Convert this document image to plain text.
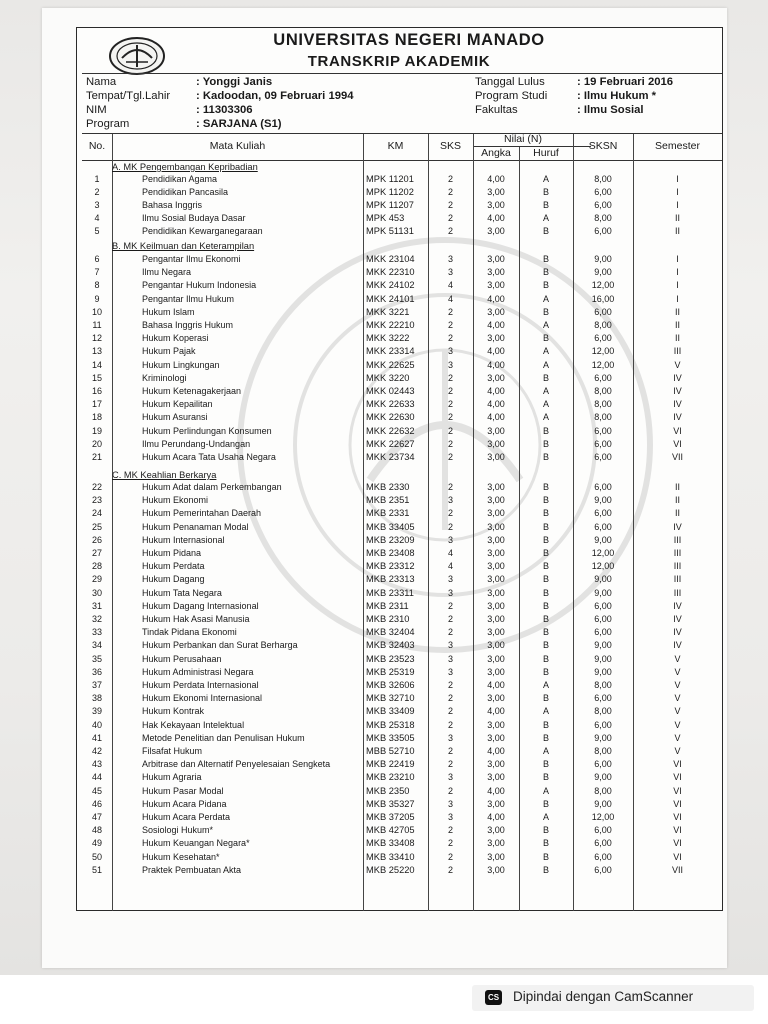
UNIVERSITAS NEGERI MANADO
TRANSKRIP AKADEMIK
Nama	: Yonggi Janis
Tempat/Tgl.Lahir : Kadoodan, 09 Februari 1994
NIM	: 11303306
Program	: SARJANA (S1)
Tanggal Lulus	: 19 Februari 2016
Program Studi	: Ilmu Hukum *
Fakultas	: Ilmu Sosial
No.	Mata Kuliah	KM	SKS
Nilai (N)
Angka	Huruf
SKSN	Semester
A. MK Pengembangan Kepribadian
B. MK Keilmuan dan Keterampilan
C. MK Keahlian Berkarya
1	Pendidikan Agama	MPK 11201	2	4,00	A	8,00	I
2	Pendidikan Pancasila	MPK 11202	2	3,00	B	6,00	I
3	Bahasa Inggris	MPK 11207	2	3,00	B	6,00	I
4	Ilmu Sosial Budaya Dasar	MPK 453	2	4,00	A	8,00	II
5	Pendidikan Kewarganegaraan	MPK 51131	2	3,00	B	6,00	II
6	Pengantar Ilmu Ekonomi	MKK 23104	3	3,00	B	9,00	I
7	Ilmu Negara	MKK 22310	3	3,00	B	9,00	I
8	Pengantar Hukum Indonesia	MKK 24102	4	3,00	B	12,00	I
9	Pengantar Ilmu Hukum	MKK 24101	4	4,00	A	16,00	I
10	Hukum Islam	MKK 3221	2	3,00	B	6,00	II
11	Bahasa Inggris Hukum	MKK 22210	2	4,00	A	8,00	II
12	Hukum Koperasi	MKK 3222	2	3,00	B	6,00	II
13	Hukum Pajak	MKK 23314	3	4,00	A	12,00	III
14	Hukum Lingkungan	MKK 22625	3	4,00	A	12,00	V
15	Kriminologi	MKK 3220	2	3,00	B	6,00	IV
16	Hukum Ketenagakerjaan	MKK 02443	2	4,00	A	8,00	IV
17	Hukum Kepailitan	MKK 22633	2	4,00	A	8,00	IV
18	Hukum Asuransi	MKK 22630	2	4,00	A	8,00	IV
19	Hukum Perlindungan Konsumen	MKK 22632	2	3,00	B	6,00	VI
20	Ilmu Perundang-Undangan	MKK 22627	2	3,00	B	6,00	VI
21	Hukum Acara Tata Usaha Negara	MKK 23734	2	3,00	B	6,00	VII
22	Hukum Adat dalam Perkembangan	MKB 2330	2	3,00	B	6,00	II
23	Hukum Ekonomi	MKB 2351	3	3,00	B	9,00	II
24	Hukum Pemerintahan Daerah	MKB 2331	2	3,00	B	6,00	II
25	Hukum Penanaman Modal	MKB 33405	2	3,00	B	6,00	IV
26	Hukum Internasional	MKB 23209	3	3,00	B	9,00	III
27	Hukum Pidana	MKB 23408	4	3,00	B	12,00	III
28	Hukum Perdata	MKB 23312	4	3,00	B	12,00	III
29	Hukum Dagang	MKB 23313	3	3,00	B	9,00	III
30	Hukum Tata Negara	MKB 23311	3	3,00	B	9,00	III
31	Hukum Dagang Internasional	MKB 2311	2	3,00	B	6,00	IV
32	Hukum Hak Asasi Manusia	MKB 2310	2	3,00	B	6,00	IV
33	Tindak Pidana Ekonomi	MKB 32404	2	3,00	B	6,00	IV
34	Hukum Perbankan dan Surat Berharga	MKB 32403	3	3,00	B	9,00	IV
35	Hukum Perusahaan	MKB 23523	3	3,00	B	9,00	V
36	Hukum Administrasi Negara	MKB 25319	3	3,00	B	9,00	V
37	Hukum Perdata Internasional	MKB 32606	2	4,00	A	8,00	V
38	Hukum Ekonomi Internasional	MKB 32710	2	3,00	B	6,00	V
39	Hukum Kontrak	MKB 33409	2	4,00	A	8,00	V
40	Hak Kekayaan Intelektual	MKB 25318	2	3,00	B	6,00	V
41	Metode Penelitian dan Penulisan Hukum	MKB 33505	3	3,00	B	9,00	V
42	Filsafat Hukum	MBB 52710	2	4,00	A	8,00	V
43	Arbitrase dan Alternatif Penyelesaian Sengketa	MKB 22419	2	3,00	B	6,00	VI
44	Hukum Agraria	MKB 23210	3	3,00	B	9,00	VI
45	Hukum Pasar Modal	MKB 2350	2	4,00	A	8,00	VI
46	Hukum Acara Pidana	MKB 35327	3	3,00	B	9,00	VI
47	Hukum Acara Perdata	MKB 37205	3	4,00	A	12,00	VI
48	Sosiologi Hukum*	MKB 42705	2	3,00	B	6,00	VI
49	Hukum Keuangan Negara*	MKB 33408	2	3,00	B	6,00	VI
50	Hukum Kesehatan*	MKB 33410	2	3,00	B	6,00	VI
51	Praktek Pembuatan Akta	MKB 25220	2	3,00	B	6,00	VII
CS Dipindai dengan CamScanner
